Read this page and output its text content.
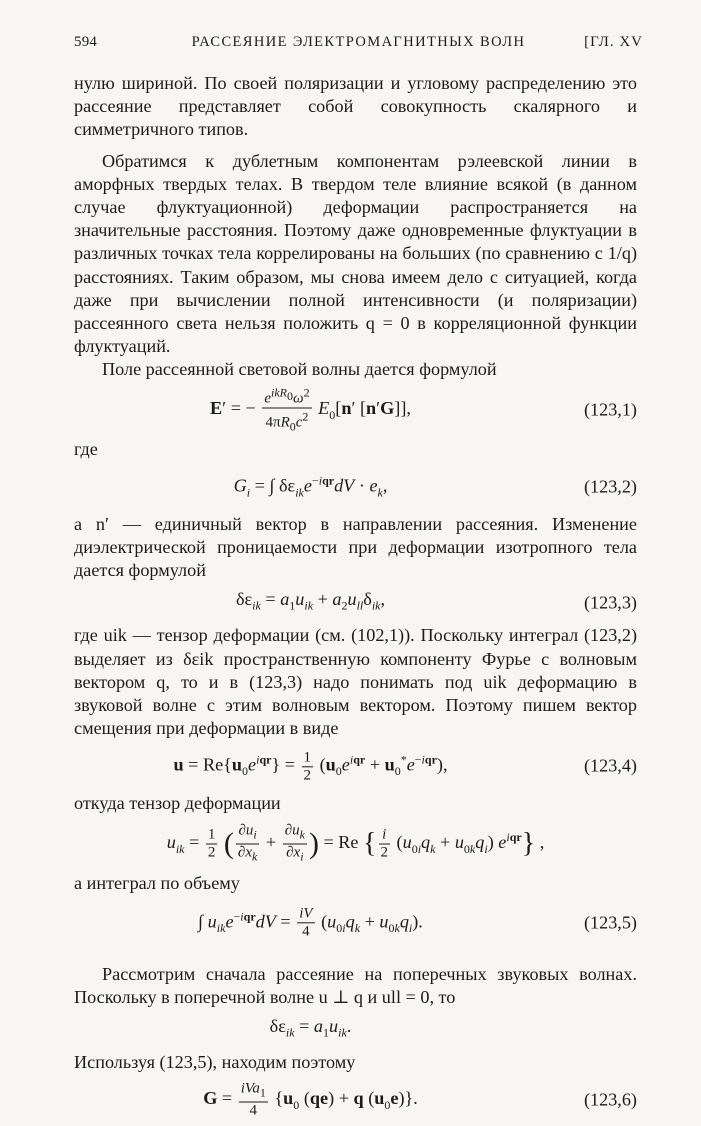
594	РАССЕЯНИЕ ЭЛЕКТРОМАГНИТНЫХ ВОЛН	[ГЛ. XV

нулю шириной. По своей поляризации и угловому распределению это рассеяние представляет собой совокупность скалярного и симметричного типов.

Обратимся к дублетным компонентам рэлеевской линии в аморфных твердых телах. В твердом теле влияние всякой (в данном случае флуктуационной) деформации распространяется на значительные расстояния. Поэтому даже одновременные флуктуации в различных точках тела коррелированы на больших (по сравнению с 1/q) расстояниях. Таким образом, мы снова имеем дело с ситуацией, когда даже при вычислении полной интенсивности (и поляризации) рассеянного света нельзя положить q = 0 в корреляционной функции флуктуаций.

Поле рассеянной световой волны дается формулой

E′ = − $\frac{e^{ikR_0}\omega^2}{4\pi R_0c^2} E_0[n'$ [n′G]],	(123,1)

где

$G_i$ = ∫ $\delta\varepsilon_{ik}e^{-iqr}dV \cdot e_k$,	(123,2)

а n′ — единичный вектор в направлении рассеяния. Изменение диэлектрической проницаемости при деформации изотропного тела дается формулой

$\delta\varepsilon_{ik} = a_1u_{ik} + a_2u_{ll}\delta_{ik}$,	(123,3)

где uik — тензор деформации (см. (102,1)). Поскольку интеграл (123,2) выделяет из δεik пространственную компоненту Фурье с волновым вектором q, то и в (123,3) надо понимать под uik деформацию в звуковой волне с этим волновым вектором. Поэтому пишем вектор смещения при деформации в виде

$u = Re\{u_0e^{iqr}\} = \frac{1}{2} (u_0e^{iqr} + u_0^*e^{-iqr})$,	(123,4)

откуда тензор деформации

$u_{ik} = \frac{1}{2}$ ( $\frac{\partial u_i}{\partial x_k} + \frac{\partial u_k}{\partial x_i}$ ) = Re { $\frac{i}{2} (u_{0i}q_k + u_{0k}q_i)$ $e^{iqr}$} ,

а интеграл по объему

∫ $u_{ik}e^{-iqr}dV = \frac{iV}{4} (u_{0i}q_k + u_{0k}q_i)$.	(123,5)

Рассмотрим сначала рассеяние на поперечных звуковых волнах. Поскольку в поперечной волне u ⊥ q и ull = 0, то

$\delta\varepsilon_{ik} = a_1u_{ik}$.

Используя (123,5), находим поэтому

$G = \frac{iVa_1}{4} \{u_0$ (qe) + q $(u_0e)$}.	(123,6)
